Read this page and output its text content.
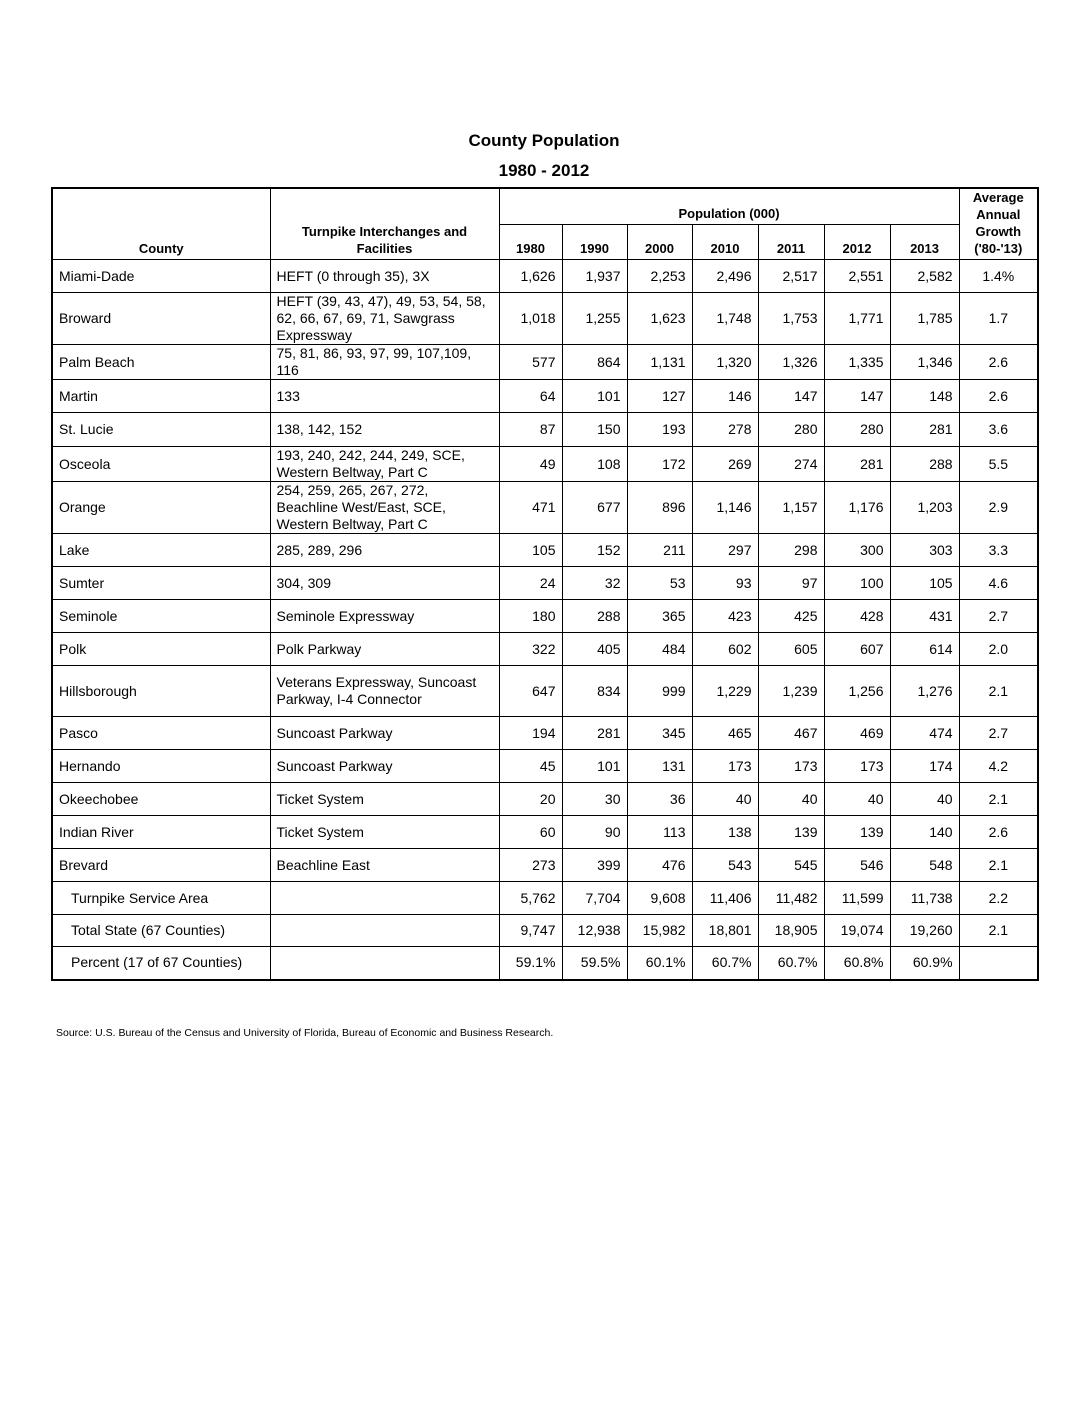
County Population
1980 - 2012
County	Turnpike Interchanges and Facilities	Population (000)							Average Annual Growth ('80-'13)
		1980	1990	2000	2010	2011	2012	2013	
Miami-Dade	HEFT (0 through 35), 3X	1,626	1,937	2,253	2,496	2,517	2,551	2,582	1.4%
Broward	HEFT (39, 43, 47), 49, 53, 54, 58, 62, 66, 67, 69, 71, Sawgrass Expressway	1,018	1,255	1,623	1,748	1,753	1,771	1,785	1.7
Palm Beach	75, 81, 86, 93, 97, 99, 107,109, 116	577	864	1,131	1,320	1,326	1,335	1,346	2.6
Martin	133	64	101	127	146	147	147	148	2.6
St. Lucie	138, 142, 152	87	150	193	278	280	280	281	3.6
Osceola	193, 240, 242, 244, 249, SCE, Western Beltway, Part C	49	108	172	269	274	281	288	5.5
Orange	254, 259, 265, 267, 272, Beachline West/East, SCE, Western Beltway, Part C	471	677	896	1,146	1,157	1,176	1,203	2.9
Lake	285, 289, 296	105	152	211	297	298	300	303	3.3
Sumter	304, 309	24	32	53	93	97	100	105	4.6
Seminole	Seminole Expressway	180	288	365	423	425	428	431	2.7
Polk	Polk Parkway	322	405	484	602	605	607	614	2.0
Hillsborough	Veterans Expressway, Suncoast Parkway, I-4 Connector	647	834	999	1,229	1,239	1,256	1,276	2.1
Pasco	Suncoast Parkway	194	281	345	465	467	469	474	2.7
Hernando	Suncoast Parkway	45	101	131	173	173	173	174	4.2
Okeechobee	Ticket System	20	30	36	40	40	40	40	2.1
Indian River	Ticket System	60	90	113	138	139	139	140	2.6
Brevard	Beachline East	273	399	476	543	545	546	548	2.1
Turnpike Service Area		5,762	7,704	9,608	11,406	11,482	11,599	11,738	2.2
Total State (67 Counties)		9,747	12,938	15,982	18,801	18,905	19,074	19,260	2.1
Percent (17 of 67 Counties)		59.1%	59.5%	60.1%	60.7%	60.7%	60.8%	60.9%	
Source: U.S. Bureau of the Census and University of Florida, Bureau of Economic and Business Research.
